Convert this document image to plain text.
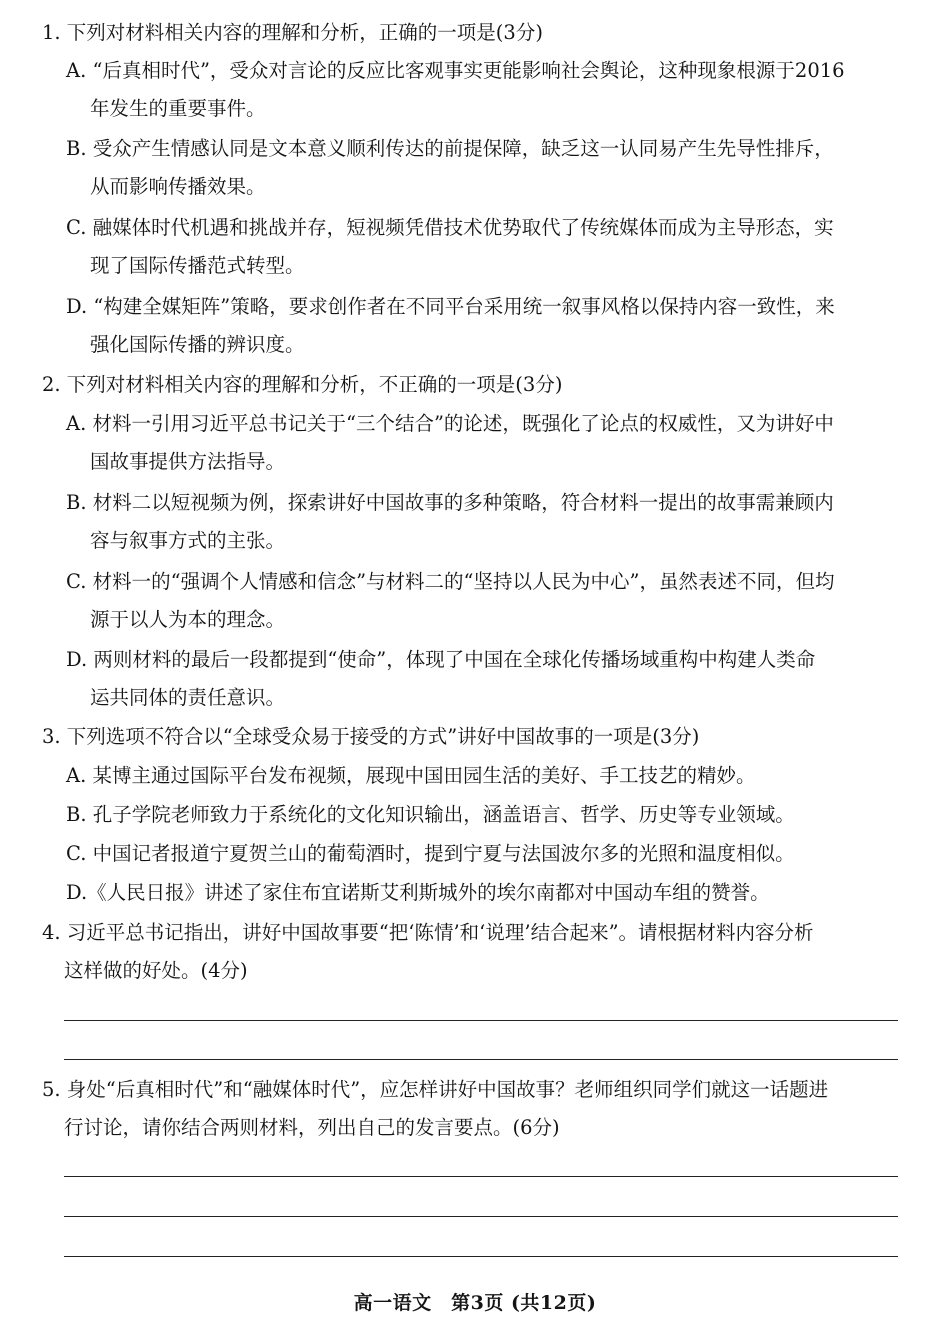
1. 下列对材料相关内容的理解和分析，正确的一项是(3分)
A. “后真相时代”，受众对言论的反应比客观事实更能影响社会舆论，这种现象根源于2016
年发生的重要事件。
B. 受众产生情感认同是文本意义顺利传达的前提保障，缺乏这一认同易产生先导性排斥，
从而影响传播效果。
C. 融媒体时代机遇和挑战并存，短视频凭借技术优势取代了传统媒体而成为主导形态，实
现了国际传播范式转型。
D. “构建全媒矩阵”策略，要求创作者在不同平台采用统一叙事风格以保持内容一致性，来
强化国际传播的辨识度。
2. 下列对材料相关内容的理解和分析，不正确的一项是(3分)
A. 材料一引用习近平总书记关于“三个结合”的论述，既强化了论点的权威性，又为讲好中
国故事提供方法指导。
B. 材料二以短视频为例，探索讲好中国故事的多种策略，符合材料一提出的故事需兼顾内
容与叙事方式的主张。
C. 材料一的“强调个人情感和信念”与材料二的“坚持以人民为中心”，虽然表述不同，但均
源于以人为本的理念。
D. 两则材料的最后一段都提到“使命”，体现了中国在全球化传播场域重构中构建人类命
运共同体的责任意识。
3. 下列选项不符合以“全球受众易于接受的方式”讲好中国故事的一项是(3分)
A. 某博主通过国际平台发布视频，展现中国田园生活的美好、手工技艺的精妙。
B. 孔子学院老师致力于系统化的文化知识输出，涵盖语言、哲学、历史等专业领域。
C. 中国记者报道宁夏贺兰山的葡萄酒时，提到宁夏与法国波尔多的光照和温度相似。
D.《人民日报》讲述了家住布宜诺斯艾利斯城外的埃尔南都对中国动车组的赞誉。
4. 习近平总书记指出，讲好中国故事要“把‘陈情’和‘说理’结合起来”。请根据材料内容分析
这样做的好处。(4分)
5. 身处“后真相时代”和“融媒体时代”，应怎样讲好中国故事？老师组织同学们就这一话题进
行讨论，请你结合两则材料，列出自己的发言要点。(6分)
高一语文　第3页 (共12页)
